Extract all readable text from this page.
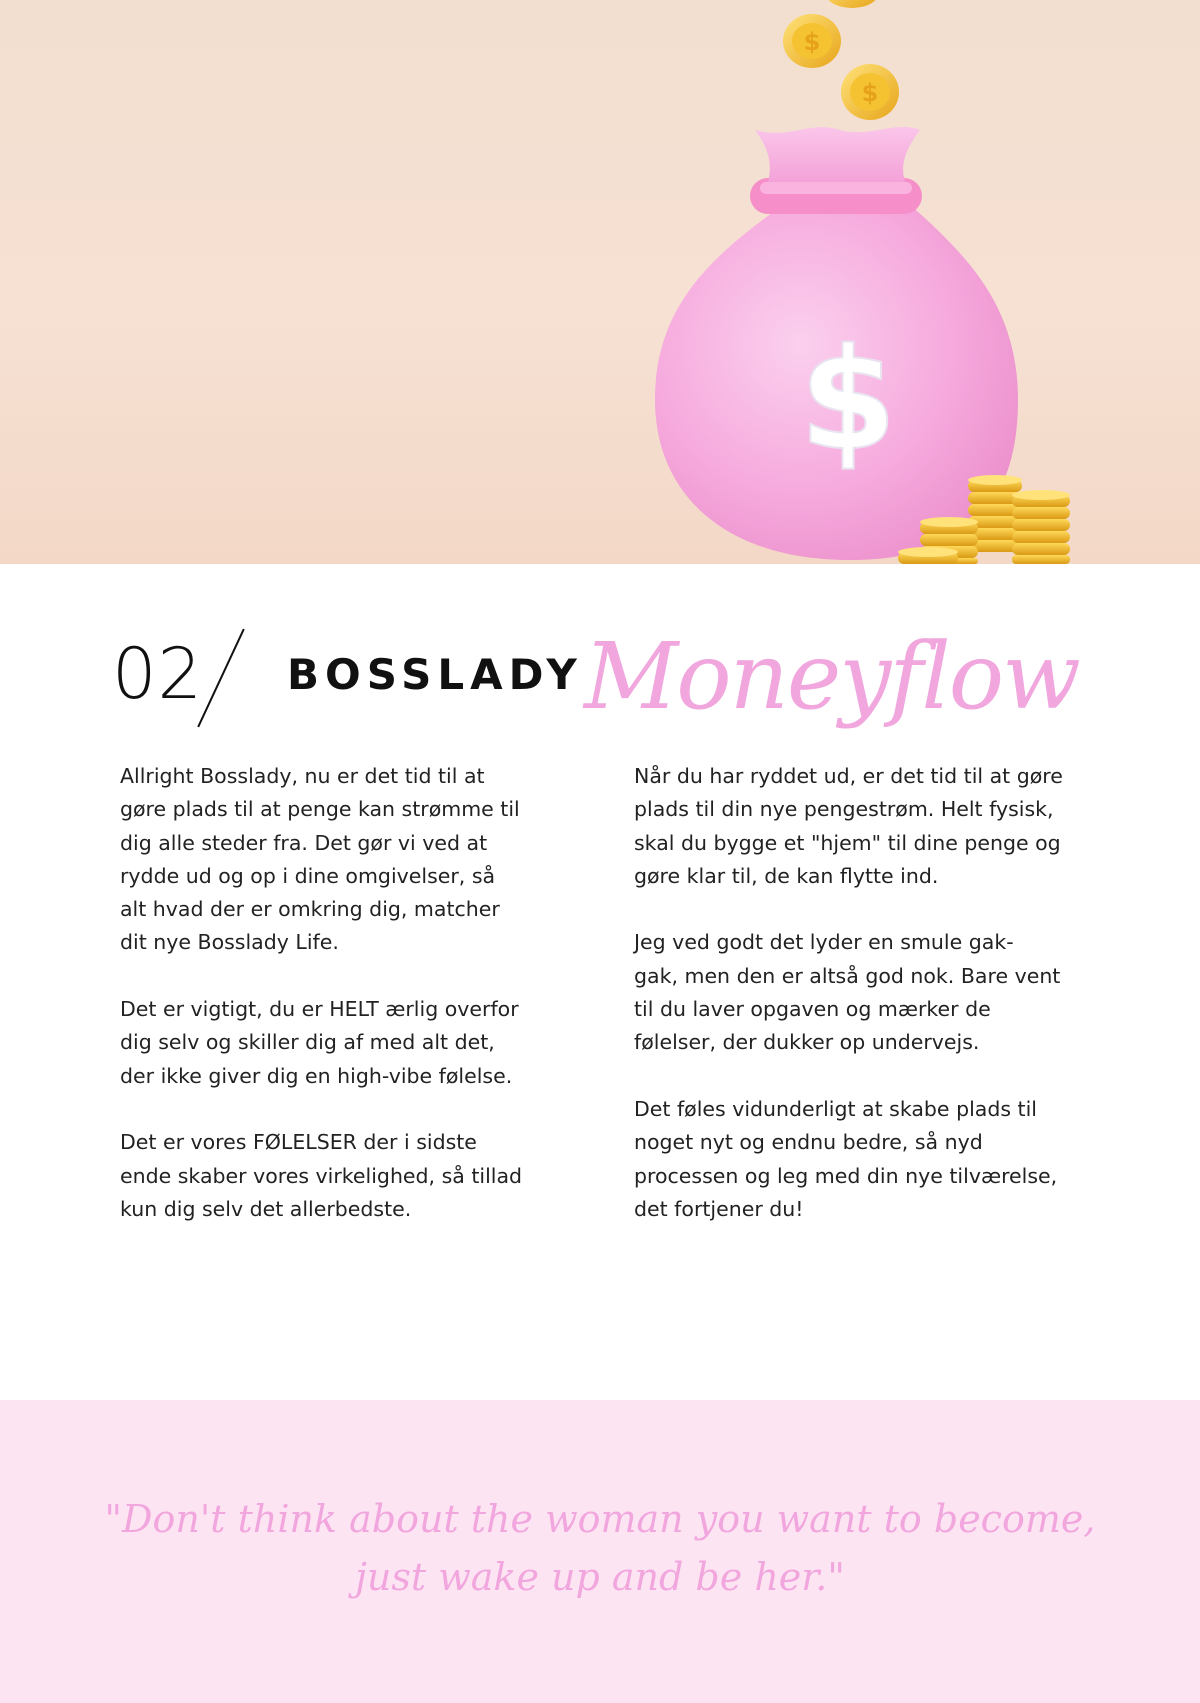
$
$
$
02 BOSSLADY Moneyflow

Allright Bosslady, nu er det tid til at
gøre plads til at penge kan strømme til
dig alle steder fra. Det gør vi ved at
rydde ud og op i dine omgivelser, så
alt hvad der er omkring dig, matcher
dit nye Bosslady Life.

Det er vigtigt, du er HELT ærlig overfor
dig selv og skiller dig af med alt det,
der ikke giver dig en high-vibe følelse.

Det er vores FØLELSER der i sidste
ende skaber vores virkelighed, så tillad
kun dig selv det allerbedste.

Når du har ryddet ud, er det tid til at gøre
plads til din nye pengestrøm. Helt fysisk,
skal du bygge et "hjem" til dine penge og
gøre klar til, de kan flytte ind.

Jeg ved godt det lyder en smule gak-
gak, men den er altså god nok. Bare vent
til du laver opgaven og mærker de
følelser, der dukker op undervejs.

Det føles vidunderligt at skabe plads til
noget nyt og endnu bedre, så nyd
processen og leg med din nye tilværelse,
det fortjener du!

"Don't think about the woman you want to become, just wake up and be her."
